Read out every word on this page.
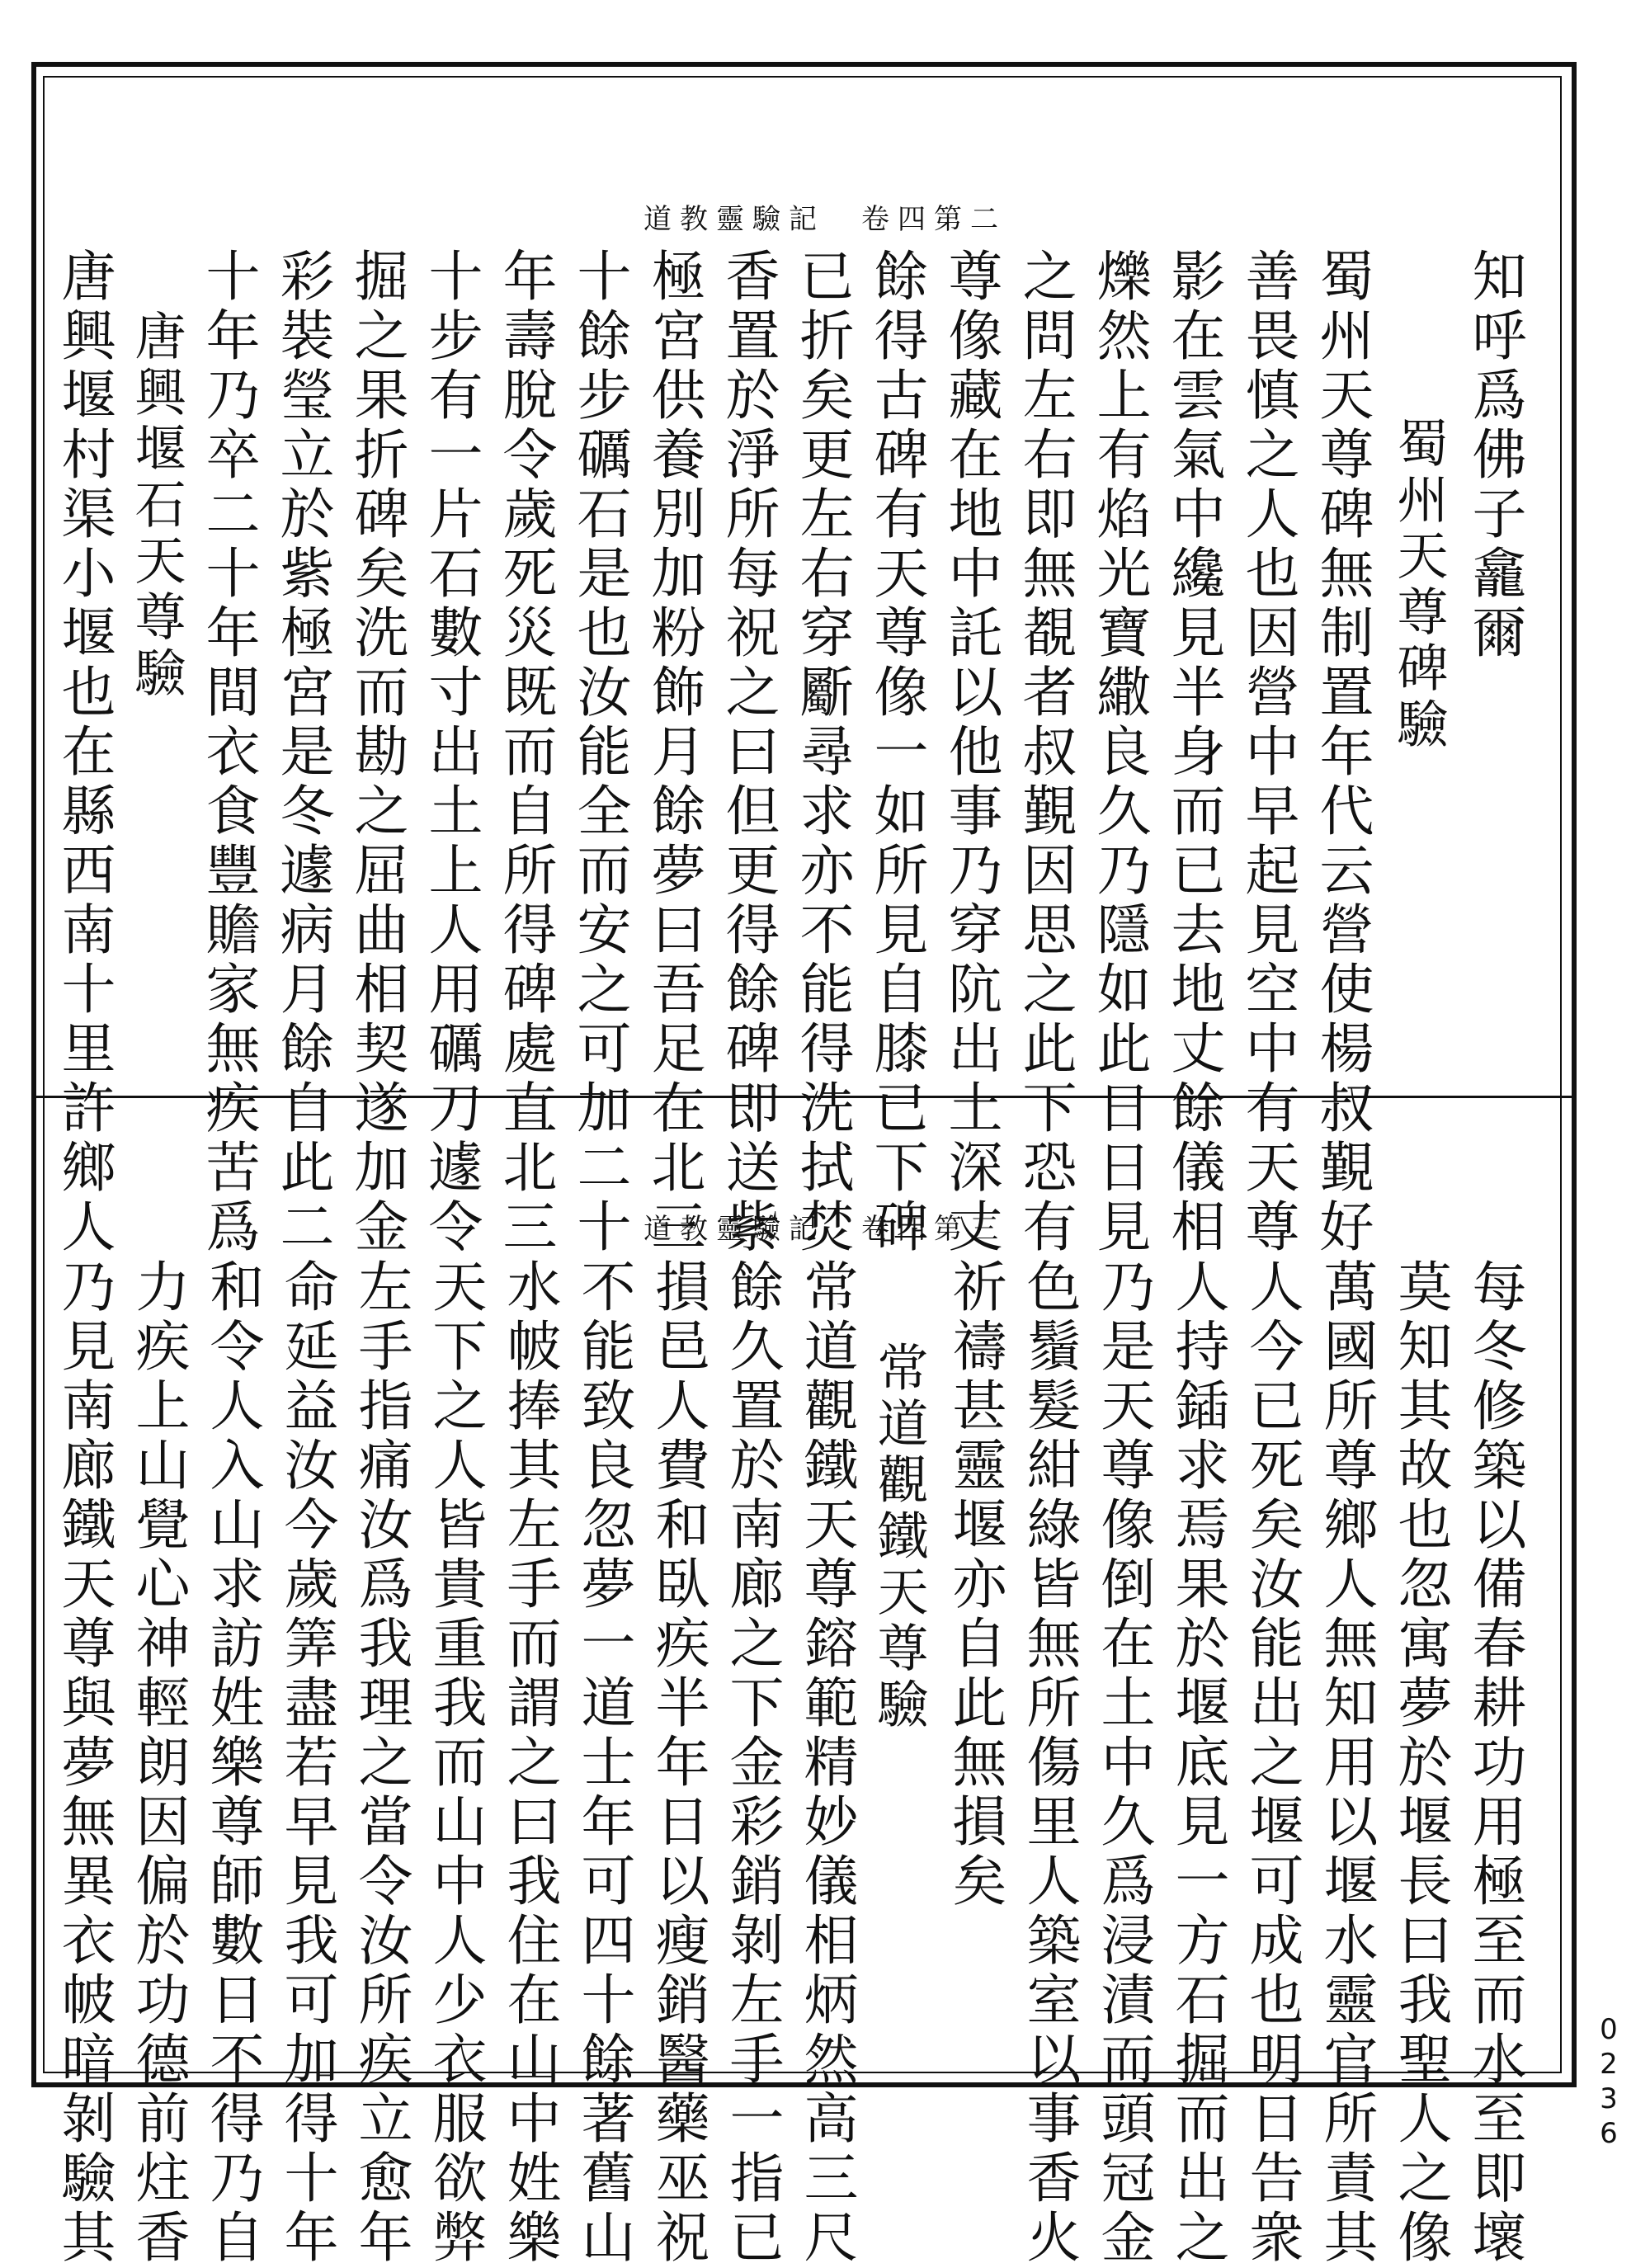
道教靈驗記　卷四第二
知呼爲佛子龕爾
蜀州天尊碑驗
蜀州天尊碑無制置年代云營使楊叔覲好
善畏慎之人也因營中早起見空中有天尊
影在雲氣中纔見半身而已去地丈餘儀相
爍然上有焰光寶繖良久乃隱如此日日見
之問左右即無覩者叔覲因思之此下恐有
尊像藏在地中託以他事乃穿阬出土深丈
餘得古碑有天尊像一如所見自膝已下碑
已折矣更左右穿斸尋求亦不能得洗拭焚
香置於淨所每祝之曰但更得餘碑即送紫
極宮供養別加粉飾月餘夢曰吾足在北三
十餘步礪石是也汝能全而安之可加二十
年壽脫令歲死災既而自所得碑處直北三
十步有一片石數寸出土上人用礪刀遽令
掘之果折碑矣洗而勘之屈曲相契遂加金
彩裝瑩立於紫極宮是冬遽病月餘自此二
十年乃卒二十年間衣食豐贍家無疾苦爲
唐興堰石天尊驗
唐興堰村渠小堰也在縣西南十里許鄉人	道教靈驗記　卷四第三
每冬修築以備春耕功用極至而水至即壞
莫知其故也忽寓夢於堰長曰我聖人之像
萬國所尊鄉人無知用以堰水靈官所責其
人今已死矣汝能出之堰可成也明日告衆
人持鍤求焉果於堰底見一方石掘而出之
乃是天尊像倒在土中久爲浸漬而頭冠金
色鬚髮紺綠皆無所傷里人築室以事香火
祈禱甚靈堰亦自此無損矣
常道觀鐵天尊驗
常道觀鐵天尊鎔範精妙儀相炳然高三尺
餘久置於南廊之下金彩銷剝左手一指已
損邑人費和臥疾半年日以瘦銷醫藥巫祝
不能致良忽夢一道士年可四十餘著舊山
水帔捧其左手而謂之曰我住在山中姓樂
天下之人皆貴重我而山中人少衣服欲弊
左手指痛汝爲我理之當令汝所疾立愈年
命延益汝今歲筭盡若早見我可加得十年
和令人入山求訪姓樂尊師數日不得乃自
力疾上山覺心神輕朗因偏於功德前炷香
乃見南廊鐵天尊與夢無異衣帔暗剝驗其	0236
